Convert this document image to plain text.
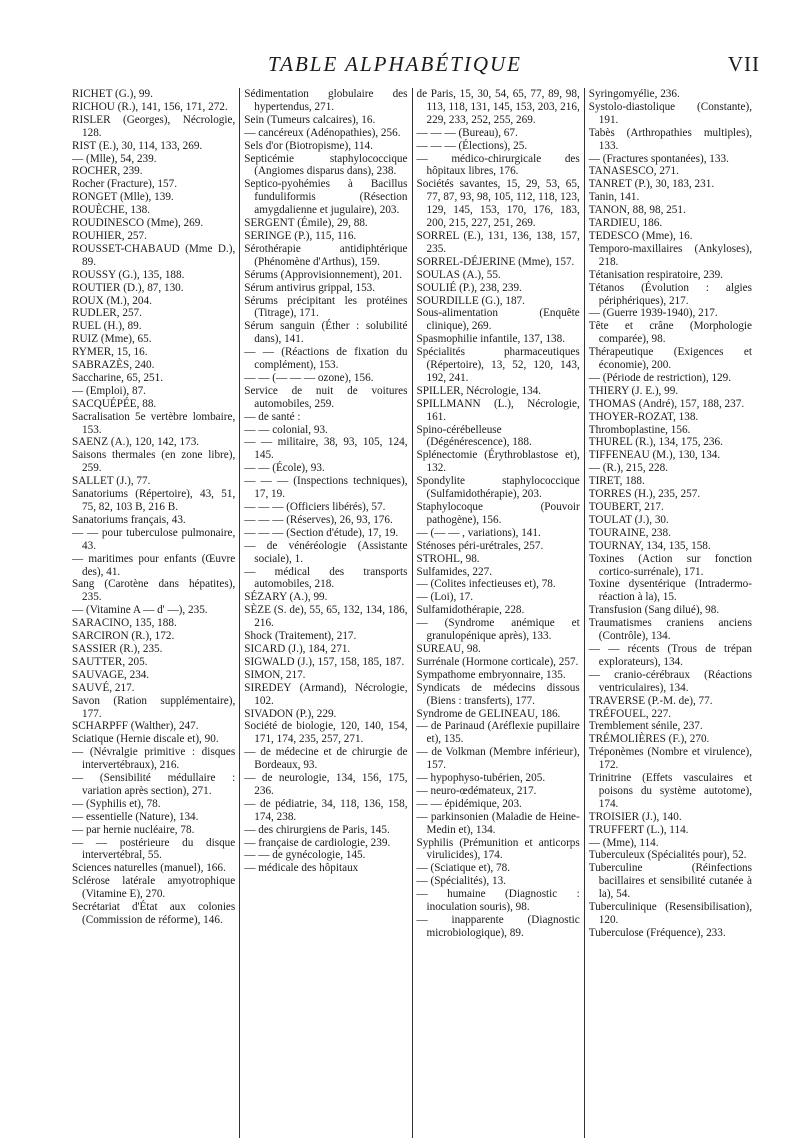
TABLE ALPHABÉTIQUE	VII

RICHET (G.), 99.

RICHOU (R.), 141, 156, 171, 272.

RISLER (Georges), Nécrologie, 128.

RIST (E.), 30, 114, 133, 269.

— (Mlle), 54, 239.

ROCHER, 239.

Rocher (Fracture), 157.

RONGET (Mlle), 139.

ROUÈCHE, 138.

ROUDINESCO (Mme), 269.

ROUHIER, 257.

ROUSSET-CHABAUD (Mme D.), 89.

ROUSSY (G.), 135, 188.

ROUTIER (D.), 87, 130.

ROUX (M.), 204.

RUDLER, 257.

RUEL (H.), 89.

RUIZ (Mme), 65.

RYMER, 15, 16.

SABRAZÈS, 240.

Saccharine, 65, 251.

— (Emploi), 87.

SACQUÉPÉE, 88.

Sacralisation 5e vertèbre lombaire, 153.

SAENZ (A.), 120, 142, 173.

Saisons thermales (en zone libre), 259.

SALLET (J.), 77.

Sanatoriums (Répertoire), 43, 51, 75, 82, 103 B, 216 B.

Sanatoriums français, 43.

— — pour tuberculose pulmonaire, 43.

— maritimes pour enfants (Œuvre des), 41.

Sang (Carotène dans hépatites), 235.

— (Vitamine A — d' —), 235.

SARACINO, 135, 188.

SARCIRON (R.), 172.

SASSIER (R.), 235.

SAUTTER, 205.

SAUVAGE, 234.

SAUVÉ, 217.

Savon (Ration supplémentaire), 177.

SCHARPFF (Walther), 247.

Sciatique (Hernie discale et), 90.

— (Névralgie primitive : disques intervertébraux), 216.

— (Sensibilité médullaire : variation après section), 271.

— (Syphilis et), 78.

— essentielle (Nature), 134.

— par hernie nucléaire, 78.

— — postérieure du disque intervertébral, 55.

Sciences naturelles (manuel), 166.

Sclérose latérale amyotrophique (Vitamine E), 270.

Secrétariat d'État aux colonies (Commission de réforme), 146.

Sédimentation globulaire des hypertendus, 271.

Sein (Tumeurs calcaires), 16.

— cancéreux (Adénopathies), 256.

Sels d'or (Biotropisme), 114.

Septicémie staphylococcique (Angiomes disparus dans), 238.

Septico-pyohémies à Bacillus funduliformis (Résection amygdalienne et jugulaire), 203.

SERGENT (Émile), 29, 88.

SERINGE (P.), 115, 116.

Sérothérapie antidiphtérique (Phénomène d'Arthus), 159.

Sérums (Approvisionnement), 201.

Sérum antivirus grippal, 153.

Sérums précipitant les protéines (Titrage), 171.

Sérum sanguin (Éther : solubilité dans), 141.

— — (Réactions de fixation du complément), 153.

— — (— — — ozone), 156.

Service de nuit de voitures automobiles, 259.

— de santé :

— — colonial, 93.

— — militaire, 38, 93, 105, 124, 145.

— — (École), 93.

— — — (Inspections techniques), 17, 19.

— — — (Officiers libérés), 57.

— — — (Réserves), 26, 93, 176.

— — — (Section d'étude), 17, 19.

— de vénéréologie (Assistante sociale), 1.

— médical des transports automobiles, 218.

SÉZARY (A.), 99.

SÈZE (S. de), 55, 65, 132, 134, 186, 216.

Shock (Traitement), 217.

SICARD (J.), 184, 271.

SIGWALD (J.), 157, 158, 185, 187.

SIMON, 217.

SIREDEY (Armand), Nécrologie, 102.

SIVADON (P.), 229.

Société de biologie, 120, 140, 154, 171, 174, 235, 257, 271.

— de médecine et de chirurgie de Bordeaux, 93.

— de neurologie, 134, 156, 175, 236.

— de pédiatrie, 34, 118, 136, 158, 174, 238.

— des chirurgiens de Paris, 145.

— française de cardiologie, 239.

— — de gynécologie, 145.

— médicale des hôpitaux

de Paris, 15, 30, 54, 65, 77, 89, 98, 113, 118, 131, 145, 153, 203, 216, 229, 233, 252, 255, 269.

— — — (Bureau), 67.

— — — (Élections), 25.

— médico-chirurgicale des hôpitaux libres, 176.

Sociétés savantes, 15, 29, 53, 65, 77, 87, 93, 98, 105, 112, 118, 123, 129, 145, 153, 170, 176, 183, 200, 215, 227, 251, 269.

SORREL (E.), 131, 136, 138, 157, 235.

SORREL-DÉJERINE (Mme), 157.

SOULAS (A.), 55.

SOULIÉ (P.), 238, 239.

SOURDILLE (G.), 187.

Sous-alimentation (Enquête clinique), 269.

Spasmophilie infantile, 137, 138.

Spécialités pharmaceutiques (Répertoire), 13, 52, 120, 143, 192, 241.

SPILLER, Nécrologie, 134.

SPILLMANN (L.), Nécrologie, 161.

Spino-cérébelleuse (Dégénérescence), 188.

Splénectomie (Érythroblastose et), 132.

Spondylite staphylococcique (Sulfamidothérapie), 203.

Staphylocoque (Pouvoir pathogène), 156.

— (— — , variations), 141.

Sténoses péri-urétrales, 257.

STROHL, 98.

Sulfamides, 227.

— (Colites infectieuses et), 78.

— (Loi), 17.

Sulfamidothérapie, 228.

— (Syndrome anémique et granulopénique après), 133.

SUREAU, 98.

Surrénale (Hormone corticale), 257.

Sympathome embryonnaire, 135.

Syndicats de médecins dissous (Biens : transferts), 177.

Syndrome de GELINEAU, 186.

— de Parinaud (Aréflexie pupillaire et), 135.

— de Volkman (Membre inférieur), 157.

— hypophyso-tubérien, 205.

— neuro-œdémateux, 217.

— — épidémique, 203.

— parkinsonien (Maladie de Heine-Medin et), 134.

Syphilis (Prémunition et anticorps virulicides), 174.

— (Sciatique et), 78.

— (Spécialités), 13.

— humaine (Diagnostic : inoculation souris), 98.

— inapparente (Diagnostic microbiologique), 89.

Syringomyélie, 236.

Systolo-diastolique (Constante), 191.

Tabès (Arthropathies multiples), 133.

— (Fractures spontanées), 133.

TANASESCO, 271.

TANRET (P.), 30, 183, 231.

Tanin, 141.

TANON, 88, 98, 251.

TARDIEU, 186.

TEDESCO (Mme), 16.

Temporo-maxillaires (Ankyloses), 218.

Tétanisation respiratoire, 239.

Tétanos (Évolution : algies périphériques), 217.

— (Guerre 1939-1940), 217.

Tête et crâne (Morphologie comparée), 98.

Thérapeutique (Exigences et économie), 200.

— (Période de restriction), 129.

THIERY (J. E.), 99.

THOMAS (André), 157, 188, 237.

THOYER-ROZAT, 138.

Thromboplastine, 156.

THUREL (R.), 134, 175, 236.

TIFFENEAU (M.), 130, 134.

— (R.), 215, 228.

TIRET, 188.

TORRES (H.), 235, 257.

TOUBERT, 217.

TOULAT (J.), 30.

TOURAINE, 238.

TOURNAY, 134, 135, 158.

Toxines (Action sur fonction cortico-surrénale), 171.

Toxine dysentérique (Intradermo-réaction à la), 15.

Transfusion (Sang dilué), 98.

Traumatismes craniens anciens (Contrôle), 134.

— — récents (Trous de trépan explorateurs), 134.

— cranio-cérébraux (Réactions ventriculaires), 134.

TRAVERSE (P.-M. de), 77.

TRÉFOUEL, 227.

Tremblement sénile, 237.

TRÉMOLIÈRES (F.), 270.

Tréponèmes (Nombre et virulence), 172.

Trinitrine (Effets vasculaires et poisons du système autotome), 174.

TROISIER (J.), 140.

TRUFFERT (L.), 114.

— (Mme), 114.

Tuberculeux (Spécialités pour), 52.

Tuberculine (Réinfections bacillaires et sensibilité cutanée à la), 54.

Tuberculinique (Resensibilisation), 120.

Tuberculose (Fréquence), 233.
